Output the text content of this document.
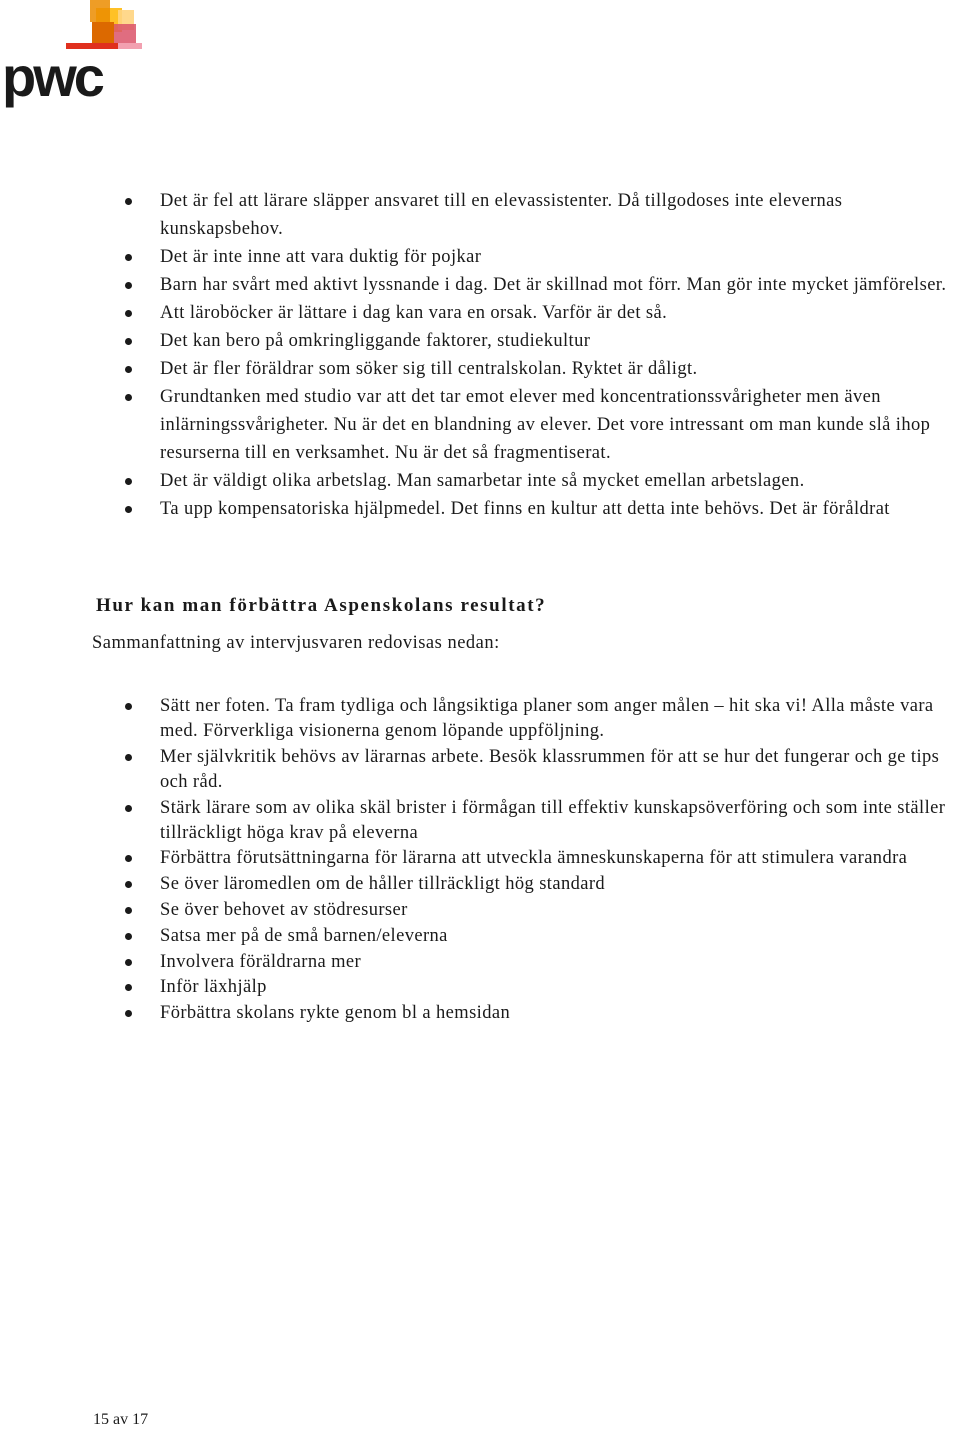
pwc
Det är fel att lärare släpper ansvaret till en elevassistenter. Då tillgodoses inte elevernas kunskapsbehov.
Det är inte inne att vara duktig för pojkar
Barn har svårt med aktivt lyssnande i dag. Det är skillnad mot förr. Man gör inte mycket jämförelser.
Att läroböcker är lättare i dag kan vara en orsak. Varför är det så.
Det kan bero på omkringliggande faktorer, studiekultur
Det är fler föräldrar som söker sig till centralskolan. Ryktet är dåligt.
Grundtanken med studio var att det tar emot elever med koncentrationssvårigheter men även inlärningssvårigheter. Nu är det en blandning av elever. Det vore intressant om man kunde slå ihop resurserna till en verksamhet. Nu är det så fragmentiserat.
Det är väldigt olika arbetslag. Man samarbetar inte så mycket emellan arbetslagen.
Ta upp kompensatoriska hjälpmedel. Det finns en kultur att detta inte behövs. Det är föråldrat
Hur kan man förbättra Aspenskolans resultat?

Sammanfattning av intervjusvaren redovisas nedan:

Sätt ner foten. Ta fram tydliga och långsiktiga planer som anger målen – hit ska vi! Alla måste vara med. Förverkliga visionerna genom löpande uppföljning.
Mer självkritik behövs av lärarnas arbete. Besök klassrummen för att se hur det fungerar och ge tips och råd.
Stärk lärare som av olika skäl brister i förmågan till effektiv kunskapsöverföring och som inte ställer tillräckligt höga krav på eleverna
Förbättra förutsättningarna för lärarna att utveckla ämneskunskaperna för att stimulera varandra
Se över läromedlen om de håller tillräckligt hög standard
Se över behovet av stödresurser
Satsa mer på de små barnen/eleverna
Involvera föräldrarna mer
Inför läxhjälp
Förbättra skolans rykte genom bl a hemsidan

15 av 17
